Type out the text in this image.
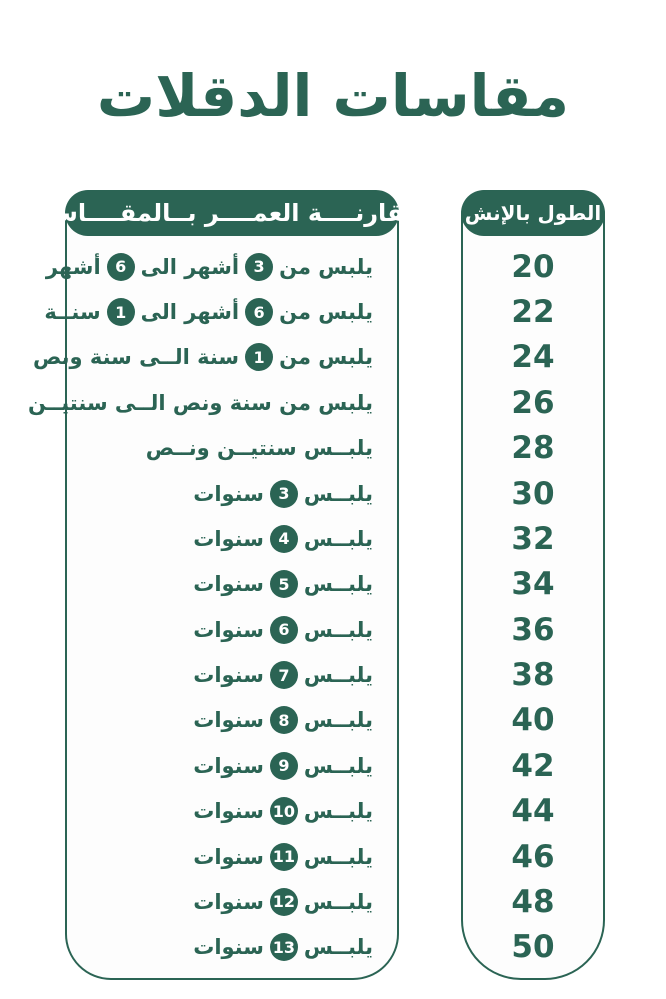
مقاسات الدقلات
مقارنــــة العمــــر بــالمقــــاس
يلبس من
3
أشهر الى
6
أشهر
يلبس من
6
أشهر الى
1
سنــة
يلبس من
1
سنة الــى سنة ونص
يلبس من سنة ونص الــى سنتيــن
يلبــس سنتيــن ونــص
يلبــس
3
سنوات
يلبــس
4
سنوات
يلبــس
5
سنوات
يلبــس
6
سنوات
يلبــس
7
سنوات
يلبــس
8
سنوات
يلبــس
9
سنوات
يلبــس
10
سنوات
يلبــس
11
سنوات
يلبــس
12
سنوات
يلبــس
13
سنوات
الطول بالإنش
20
22
24
26
28
30
32
34
36
38
40
42
44
46
48
50
